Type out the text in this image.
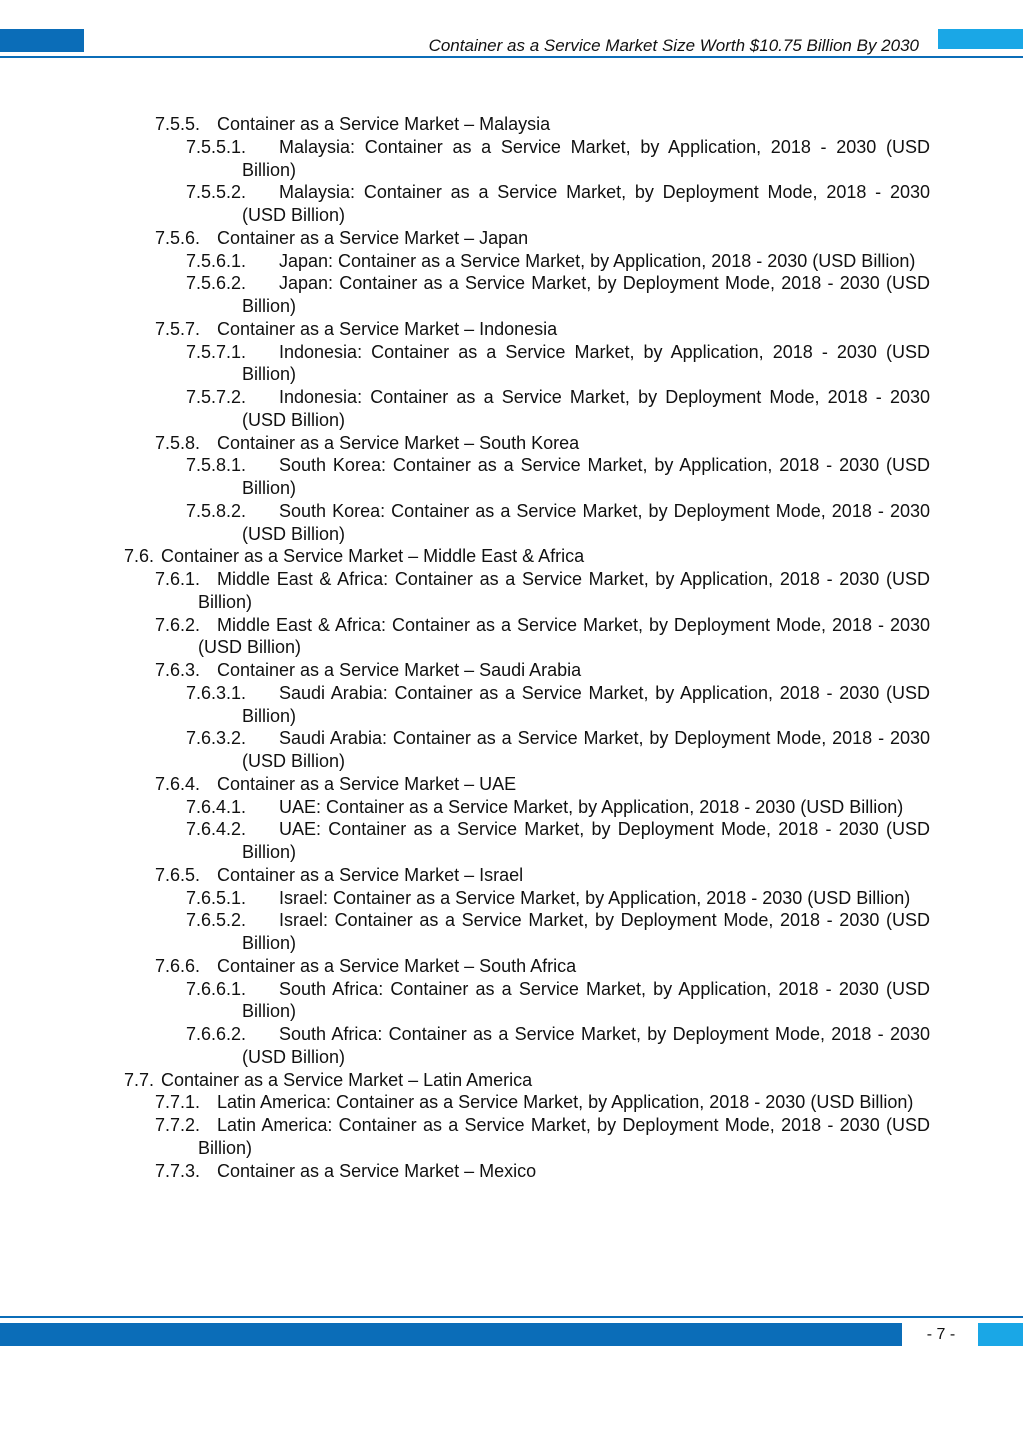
Container as a Service Market Size Worth $10.75 Billion By 2030
7.5.5. Container as a Service Market – Malaysia
7.5.5.1.	Malaysia: Container as a Service Market, by Application, 2018 - 2030 (USD Billion)
7.5.5.2.	Malaysia: Container as a Service Market, by Deployment Mode, 2018 - 2030 (USD Billion)
7.5.6. Container as a Service Market – Japan
7.5.6.1.	Japan: Container as a Service Market, by Application, 2018 - 2030 (USD Billion)
7.5.6.2.	Japan: Container as a Service Market, by Deployment Mode, 2018 - 2030 (USD Billion)
7.5.7. Container as a Service Market – Indonesia
7.5.7.1.	Indonesia: Container as a Service Market, by Application, 2018 - 2030 (USD Billion)
7.5.7.2.	Indonesia: Container as a Service Market, by Deployment Mode, 2018 - 2030 (USD Billion)
7.5.8. Container as a Service Market – South Korea
7.5.8.1.	South Korea: Container as a Service Market, by Application, 2018 - 2030 (USD Billion)
7.5.8.2.	South Korea: Container as a Service Market, by Deployment Mode, 2018 - 2030 (USD Billion)
7.6. Container as a Service Market – Middle East & Africa
7.6.1. Middle East & Africa: Container as a Service Market, by Application, 2018 - 2030 (USD Billion)
7.6.2. Middle East & Africa: Container as a Service Market, by Deployment Mode, 2018 - 2030 (USD Billion)
7.6.3. Container as a Service Market – Saudi Arabia
7.6.3.1.	Saudi Arabia: Container as a Service Market, by Application, 2018 - 2030 (USD Billion)
7.6.3.2.	Saudi Arabia: Container as a Service Market, by Deployment Mode, 2018 - 2030 (USD Billion)
7.6.4. Container as a Service Market – UAE
7.6.4.1.	UAE: Container as a Service Market, by Application, 2018 - 2030 (USD Billion)
7.6.4.2.	UAE: Container as a Service Market, by Deployment Mode, 2018 - 2030 (USD Billion)
7.6.5. Container as a Service Market – Israel
7.6.5.1.	Israel: Container as a Service Market, by Application, 2018 - 2030 (USD Billion)
7.6.5.2.	Israel: Container as a Service Market, by Deployment Mode, 2018 - 2030 (USD Billion)
7.6.6. Container as a Service Market – South Africa
7.6.6.1.	South Africa: Container as a Service Market, by Application, 2018 - 2030 (USD Billion)
7.6.6.2.	South Africa: Container as a Service Market, by Deployment Mode, 2018 - 2030 (USD Billion)
7.7. Container as a Service Market – Latin America
7.7.1. Latin America: Container as a Service Market, by Application, 2018 - 2030 (USD Billion)
7.7.2. Latin America: Container as a Service Market, by Deployment Mode, 2018 - 2030 (USD Billion)
7.7.3. Container as a Service Market – Mexico
- 7 -
